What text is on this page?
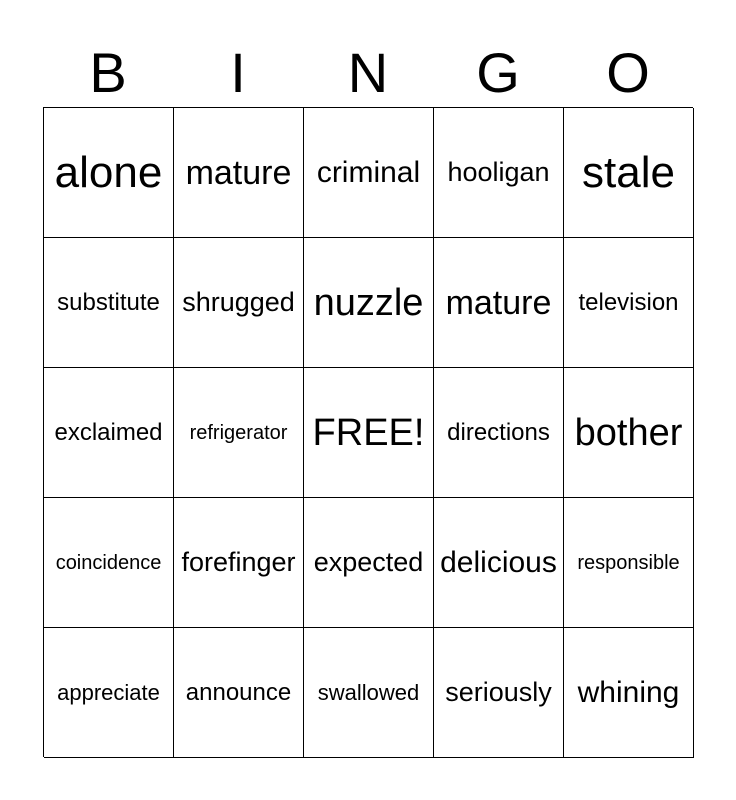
B	I	N	G	O
alone mature criminal hooligan stale
substitute shrugged nuzzle mature television
exclaimed refrigerator FREE! directions bother
coincidence forefinger expected delicious responsible
appreciate announce swallowed seriously whining
